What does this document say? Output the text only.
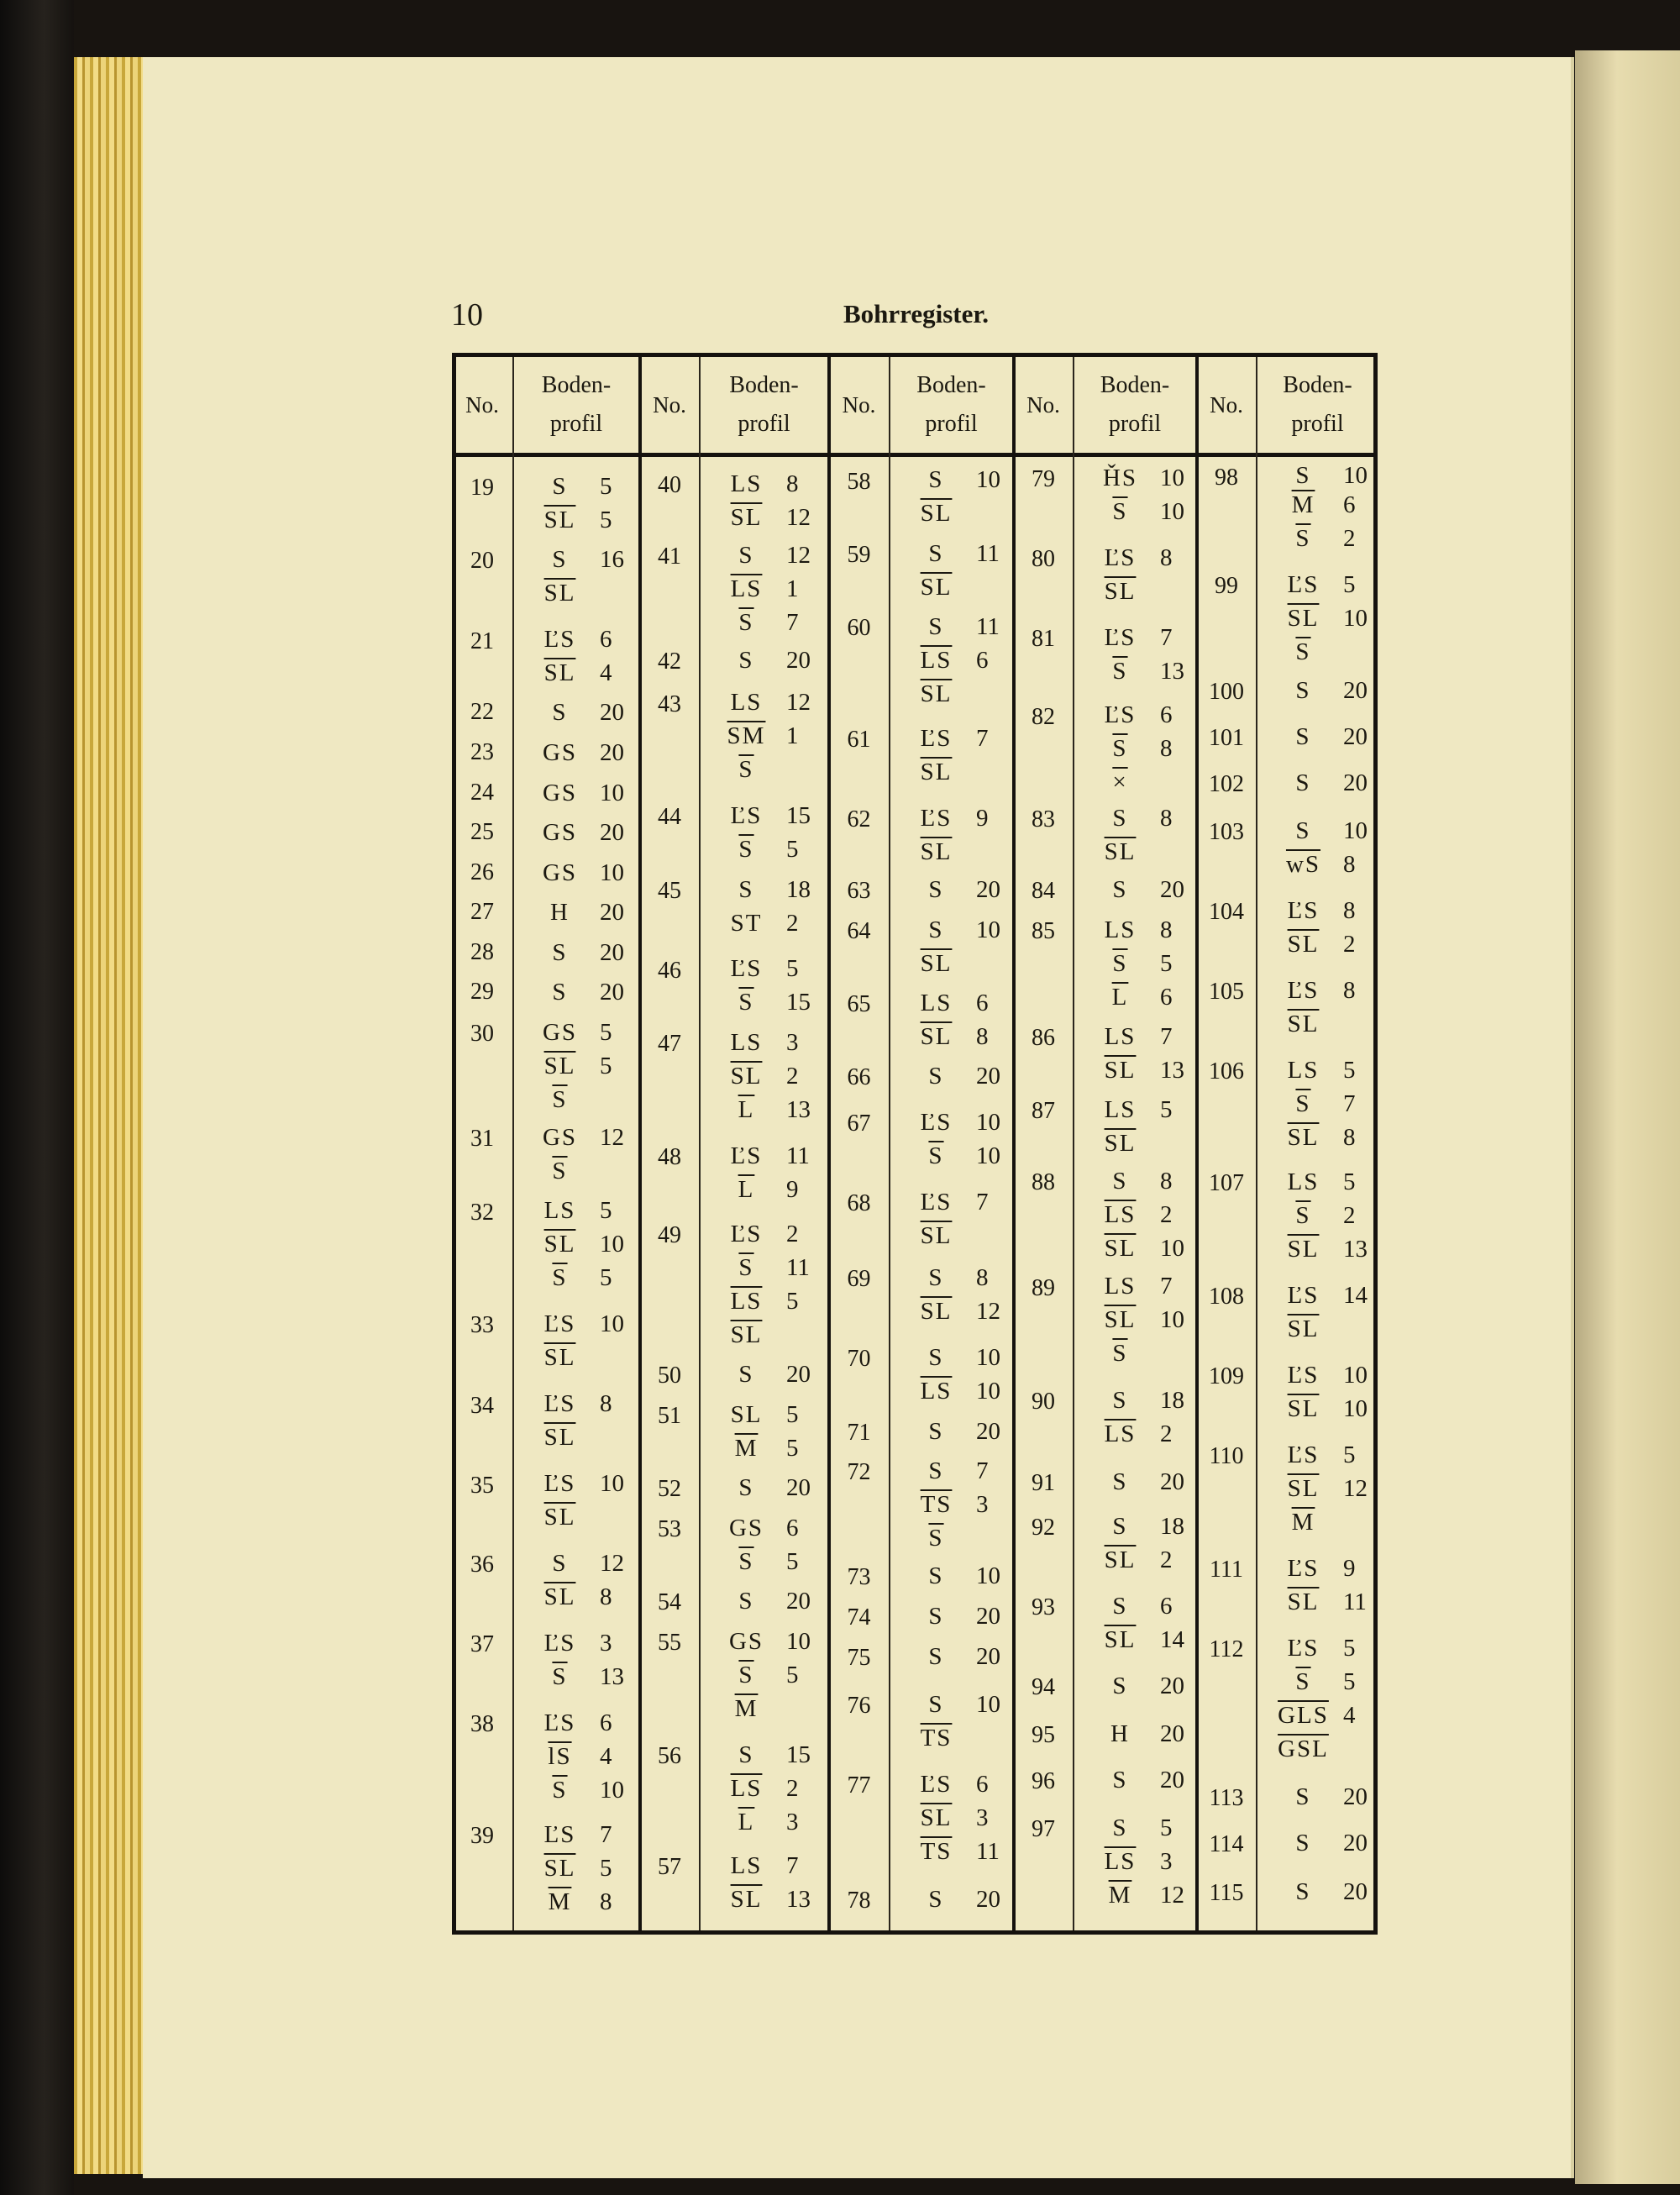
10	Bohrregister.
No.
Boden-
profil
19
20
21
22
23
24
25
26
27
28
29
30
31
32
33
34
35
36
37
38
39
S 5
$\overline{SL}$ 5
S 16
$\overline{SL}$
ĽS 6
$\overline{SL}$ 4
S 20
GS 20
GS 10
GS 20
GS 10
H 20
S 20
S 20
GS 5
$\overline{SL}$ 5
$\overline{S}$
GS 12
$\overline{S}$
LS 5
$\overline{SL}$ 10
$\overline{S}$ 5
ĽS 10
$\overline{SL}$
ĽS 8
$\overline{SL}$
ĽS 10
$\overline{SL}$
S 12
$\overline{SL}$ 8
ĽS 3
$\overline{S}$ 13
ĽS 6
$\overline{lS}$ 4
$\overline{S}$ 10
ĽS 7
$\overline{SL}$ 5
$\overline{M}$ 8
No.
Boden-
profil
40
41
42
43
44
45
46
47
48
49
50
51
52
53
54
55
56
57
LS 8
$\overline{SL}$ 12
S 12
$\overline{LS}$ 1
$\overline{S}$ 7
S 20
LS 12
$\overline{SM}$ 1
$\overline{S}$
ĽS 15
$\overline{S}$ 5
S 18
ST 2
ĽS 5
$\overline{S}$ 15
LS 3
$\overline{SL}$ 2
$\overline{L}$ 13
ĽS 11
$\overline{L}$ 9
ĽS 2
$\overline{S}$ 11
$\overline{LS}$ 5
$\overline{SL}$
S 20
SL 5
$\overline{M}$ 5
S 20
GS 6
$\overline{S}$ 5
S 20
GS 10
$\overline{S}$ 5
$\overline{M}$
S 15
$\overline{LS}$ 2
$\overline{L}$ 3
LS 7
$\overline{SL}$ 13
No.
Boden-
profil
58
59
60
61
62
63
64
65
66
67
68
69
70
71
72
73
74
75
76
77
78
S 10
$\overline{SL}$
S 11
$\overline{SL}$
S 11
$\overline{LS}$ 6
$\overline{SL}$
ĽS 7
$\overline{SL}$
ĽS 9
$\overline{SL}$
S 20
S 10
$\overline{SL}$
LS 6
$\overline{SL}$ 8
S 20
ĽS 10
$\overline{S}$ 10
ĽS 7
$\overline{SL}$
S 8
$\overline{SL}$ 12
S 10
$\overline{LS}$ 10
S 20
S 7
$\overline{TS}$ 3
$\overline{S}$
S 10
S 20
S 20
S 10
$\overline{TS}$
ĽS 6
$\overline{SL}$ 3
$\overline{TS}$ 11
S 20
No.
Boden-
profil
79
80
81
82
83
84
85
86
87
88
89
90
91
92
93
94
95
96
97
ȞS 10
$\overline{S}$ 10
ĽS 8
$\overline{SL}$
ĽS 7
$\overline{S}$ 13
ĽS 6
$\overline{S}$ 8
×
S 8
$\overline{SL}$
S 20
LS 8
$\overline{S}$ 5
$\overline{L}$ 6
LS 7
$\overline{SL}$ 13
LS 5
$\overline{SL}$
S 8
$\overline{LS}$ 2
$\overline{SL}$ 10
LS 7
$\overline{SL}$ 10
$\overline{S}$
S 18
$\overline{LS}$ 2
S 20
S 18
$\overline{SL}$ 2
S 6
$\overline{SL}$ 14
S 20
H 20
S 20
S 5
$\overline{LS}$ 3
$\overline{M}$ 12
No.
Boden-
profil
98
99
100
101
102
103
104
105
106
107
108
109
110
111
112
113
114
115
S 10
$\overline{M}$ 6
$\overline{S}$ 2
ĽS 5
$\overline{SL}$ 10
$\overline{S}$
S 20
S 20
S 20
S 10
$\overline{wS}$ 8
ĽS 8
$\overline{SL}$ 2
ĽS 8
$\overline{SL}$
LS 5
$\overline{S}$ 7
$\overline{SL}$ 8
LS 5
$\overline{S}$ 2
$\overline{SL}$ 13
ĽS 14
$\overline{SL}$
ĽS 10
$\overline{SL}$ 10
ĽS 5
$\overline{SL}$ 12
$\overline{M}$
ĽS 9
$\overline{SL}$ 11
ĽS 5
$\overline{S}$ 5
$\overline{GLS}$ 4
$\overline{GSL}$
S 20
S 20
S 20
